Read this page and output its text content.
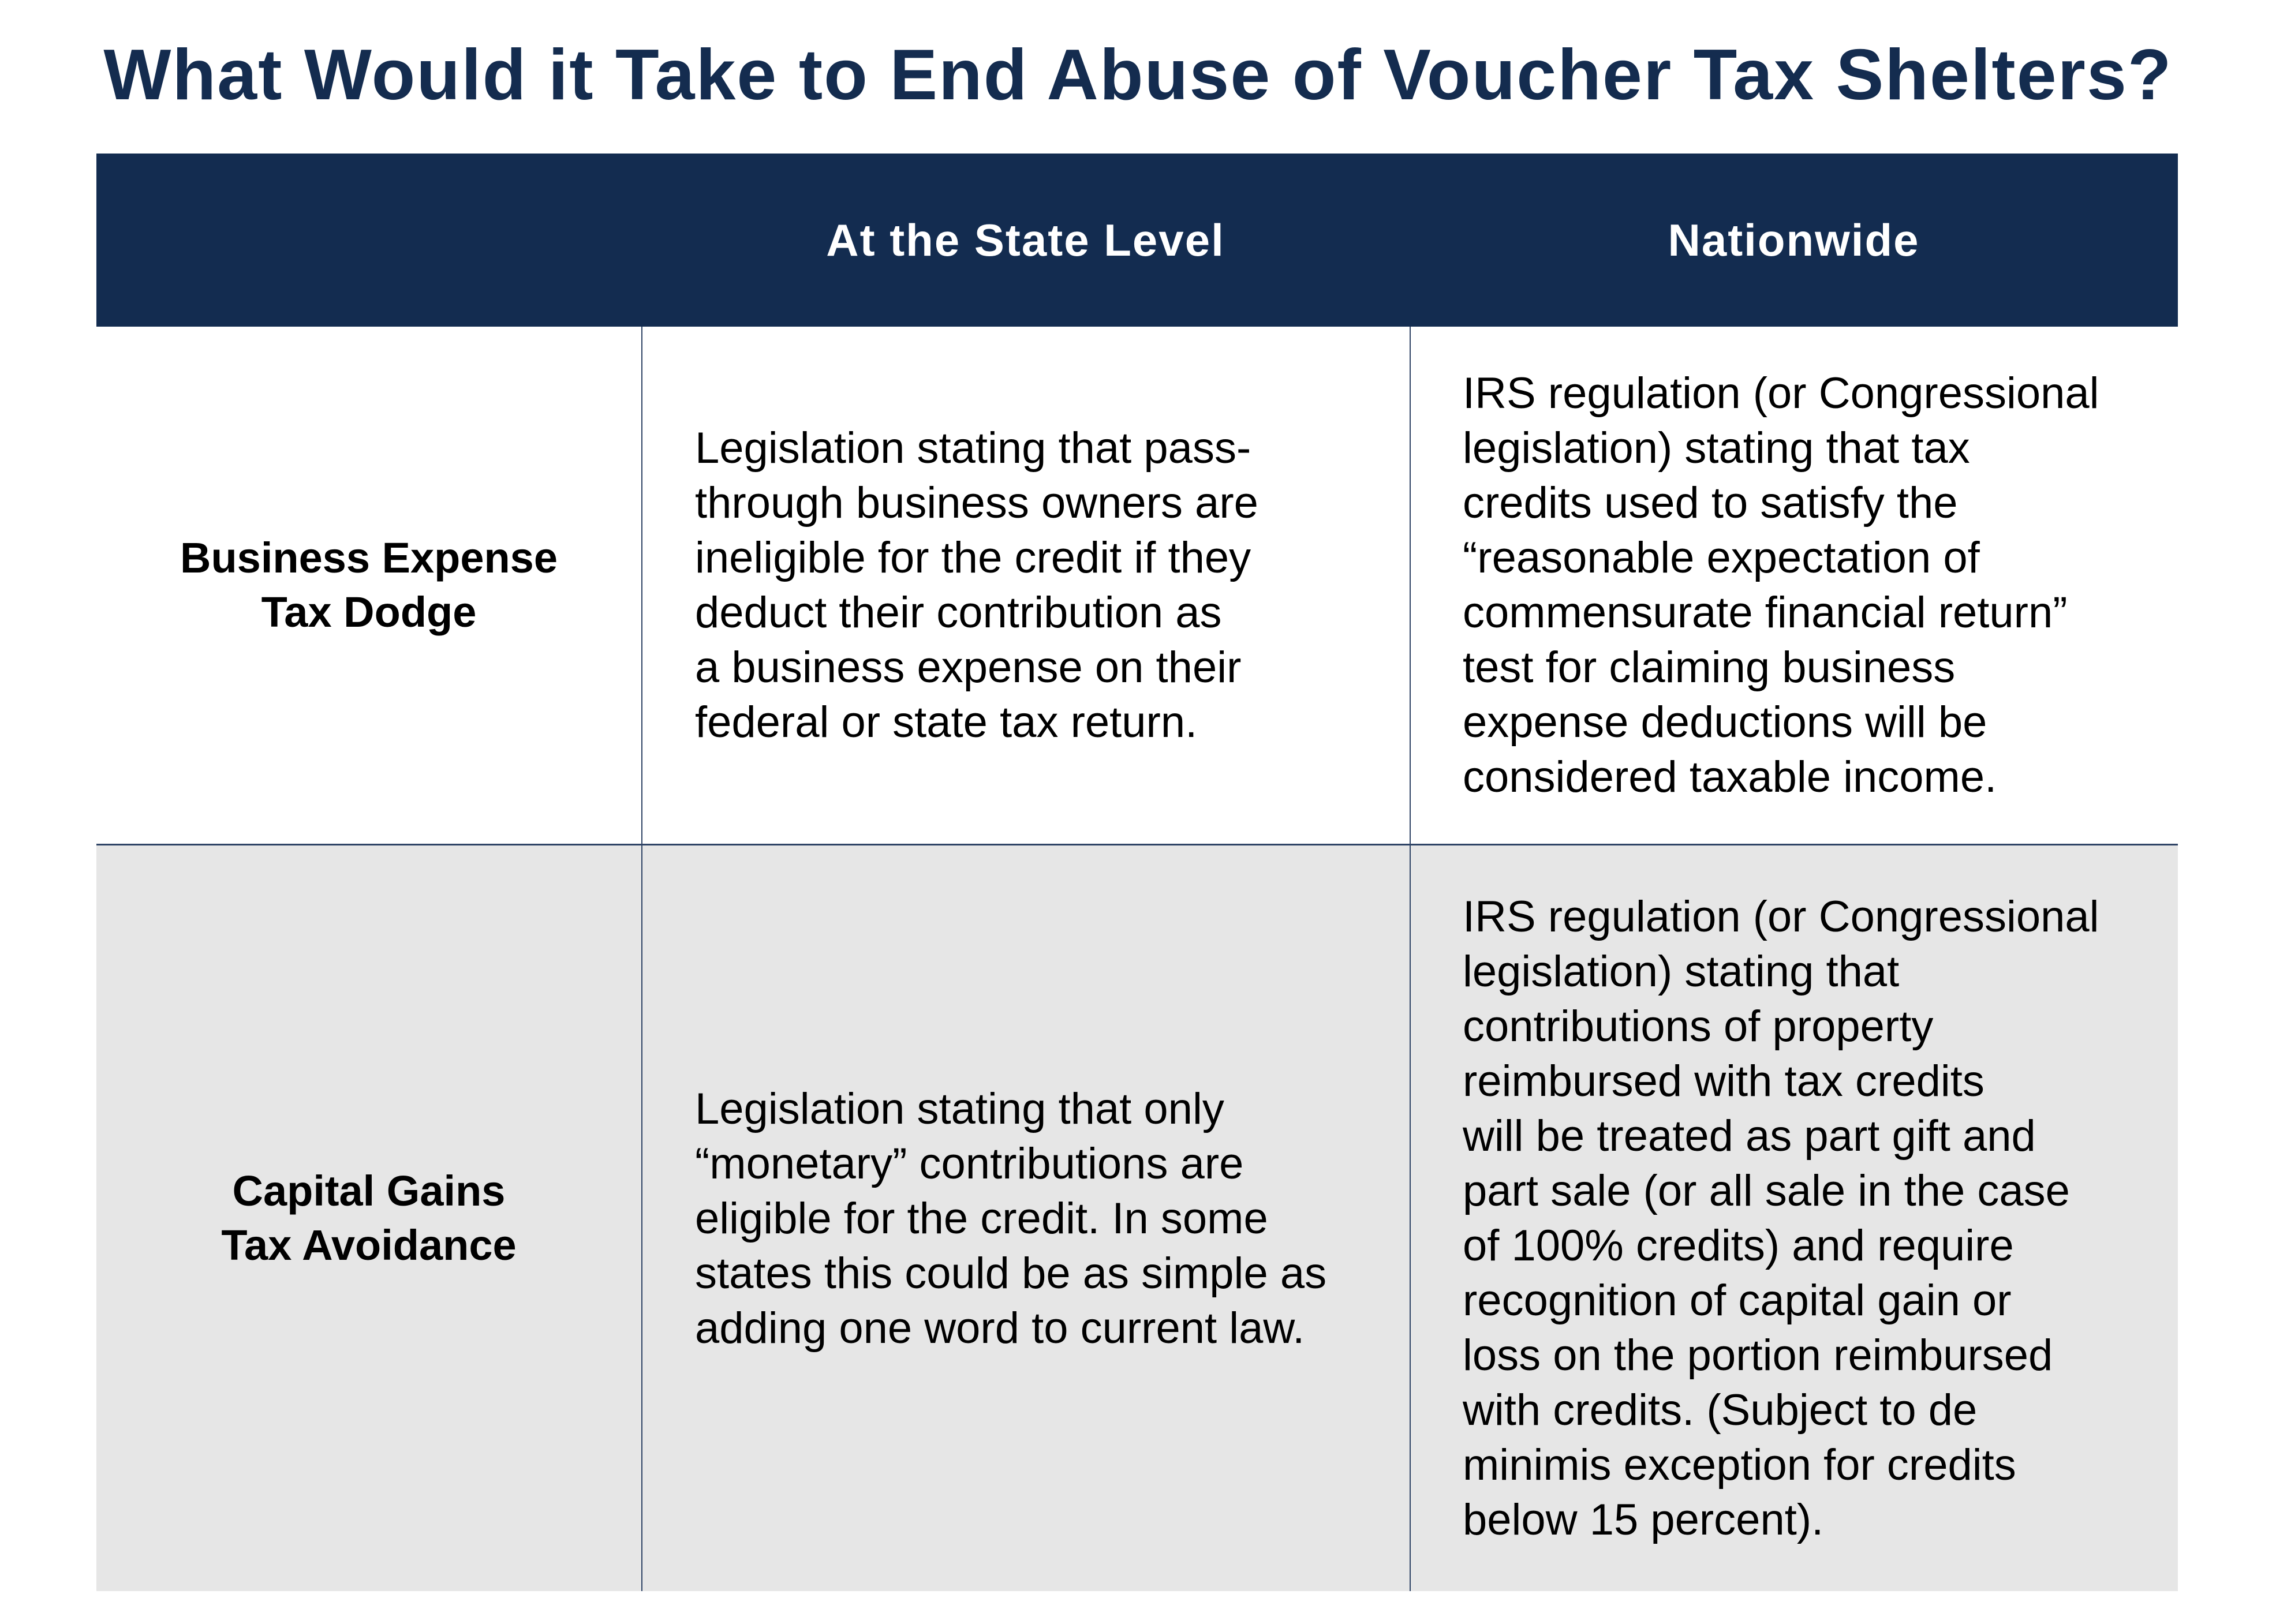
What Would it Take to End Abuse of Voucher Tax Shelters?
At the State Level	Nationwide
Business Expense
Tax Dodge
Legislation stating that pass-
through business owners are
ineligible for the credit if they
deduct their contribution as
a business expense on their
federal or state tax return.
IRS regulation (or Congressional
legislation) stating that tax
credits used to satisfy the
“reasonable expectation of
commensurate financial return”
test for claiming business
expense deductions will be
considered taxable income.
Capital Gains
Tax Avoidance
Legislation stating that only
“monetary” contributions are
eligible for the credit. In some
states this could be as simple as
adding one word to current law.
IRS regulation (or Congressional
legislation) stating that
contributions of property
reimbursed with tax credits
will be treated as part gift and
part sale (or all sale in the case
of 100% credits) and require
recognition of capital gain or
loss on the portion reimbursed
with credits. (Subject to de
minimis exception for credits
below 15 percent).
